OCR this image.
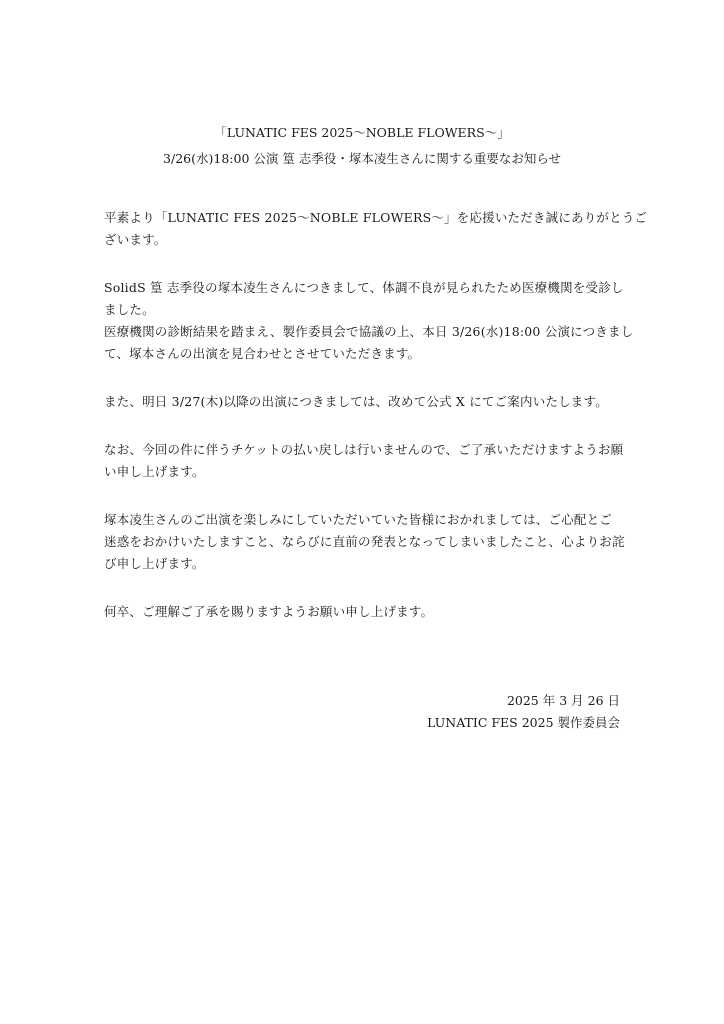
「LUNATIC FES 2025〜NOBLE FLOWERS〜」
3/26(水)18:00 公演 篁 志季役・塚本凌生さんに関する重要なお知らせ

平素より「LUNATIC FES 2025〜NOBLE FLOWERS〜」を応援いただき誠にありがとうご
ざいます。

SolidS 篁 志季役の塚本凌生さんにつきまして、体調不良が見られたため医療機関を受診し
ました。
医療機関の診断結果を踏まえ、製作委員会で協議の上、本日 3/26(水)18:00 公演につきまし
て、塚本さんの出演を見合わせとさせていただきます。

また、明日 3/27(木)以降の出演につきましては、改めて公式 X にてご案内いたします。

なお、今回の件に伴うチケットの払い戻しは行いませんので、ご了承いただけますようお願
い申し上げます。

塚本凌生さんのご出演を楽しみにしていただいていた皆様におかれましては、ご心配とご
迷惑をおかけいたしますこと、ならびに直前の発表となってしまいましたこと、心よりお詫
び申し上げます。

何卒、ご理解ご了承を賜りますようお願い申し上げます。

2025 年 3 月 26 日
LUNATIC FES 2025 製作委員会
